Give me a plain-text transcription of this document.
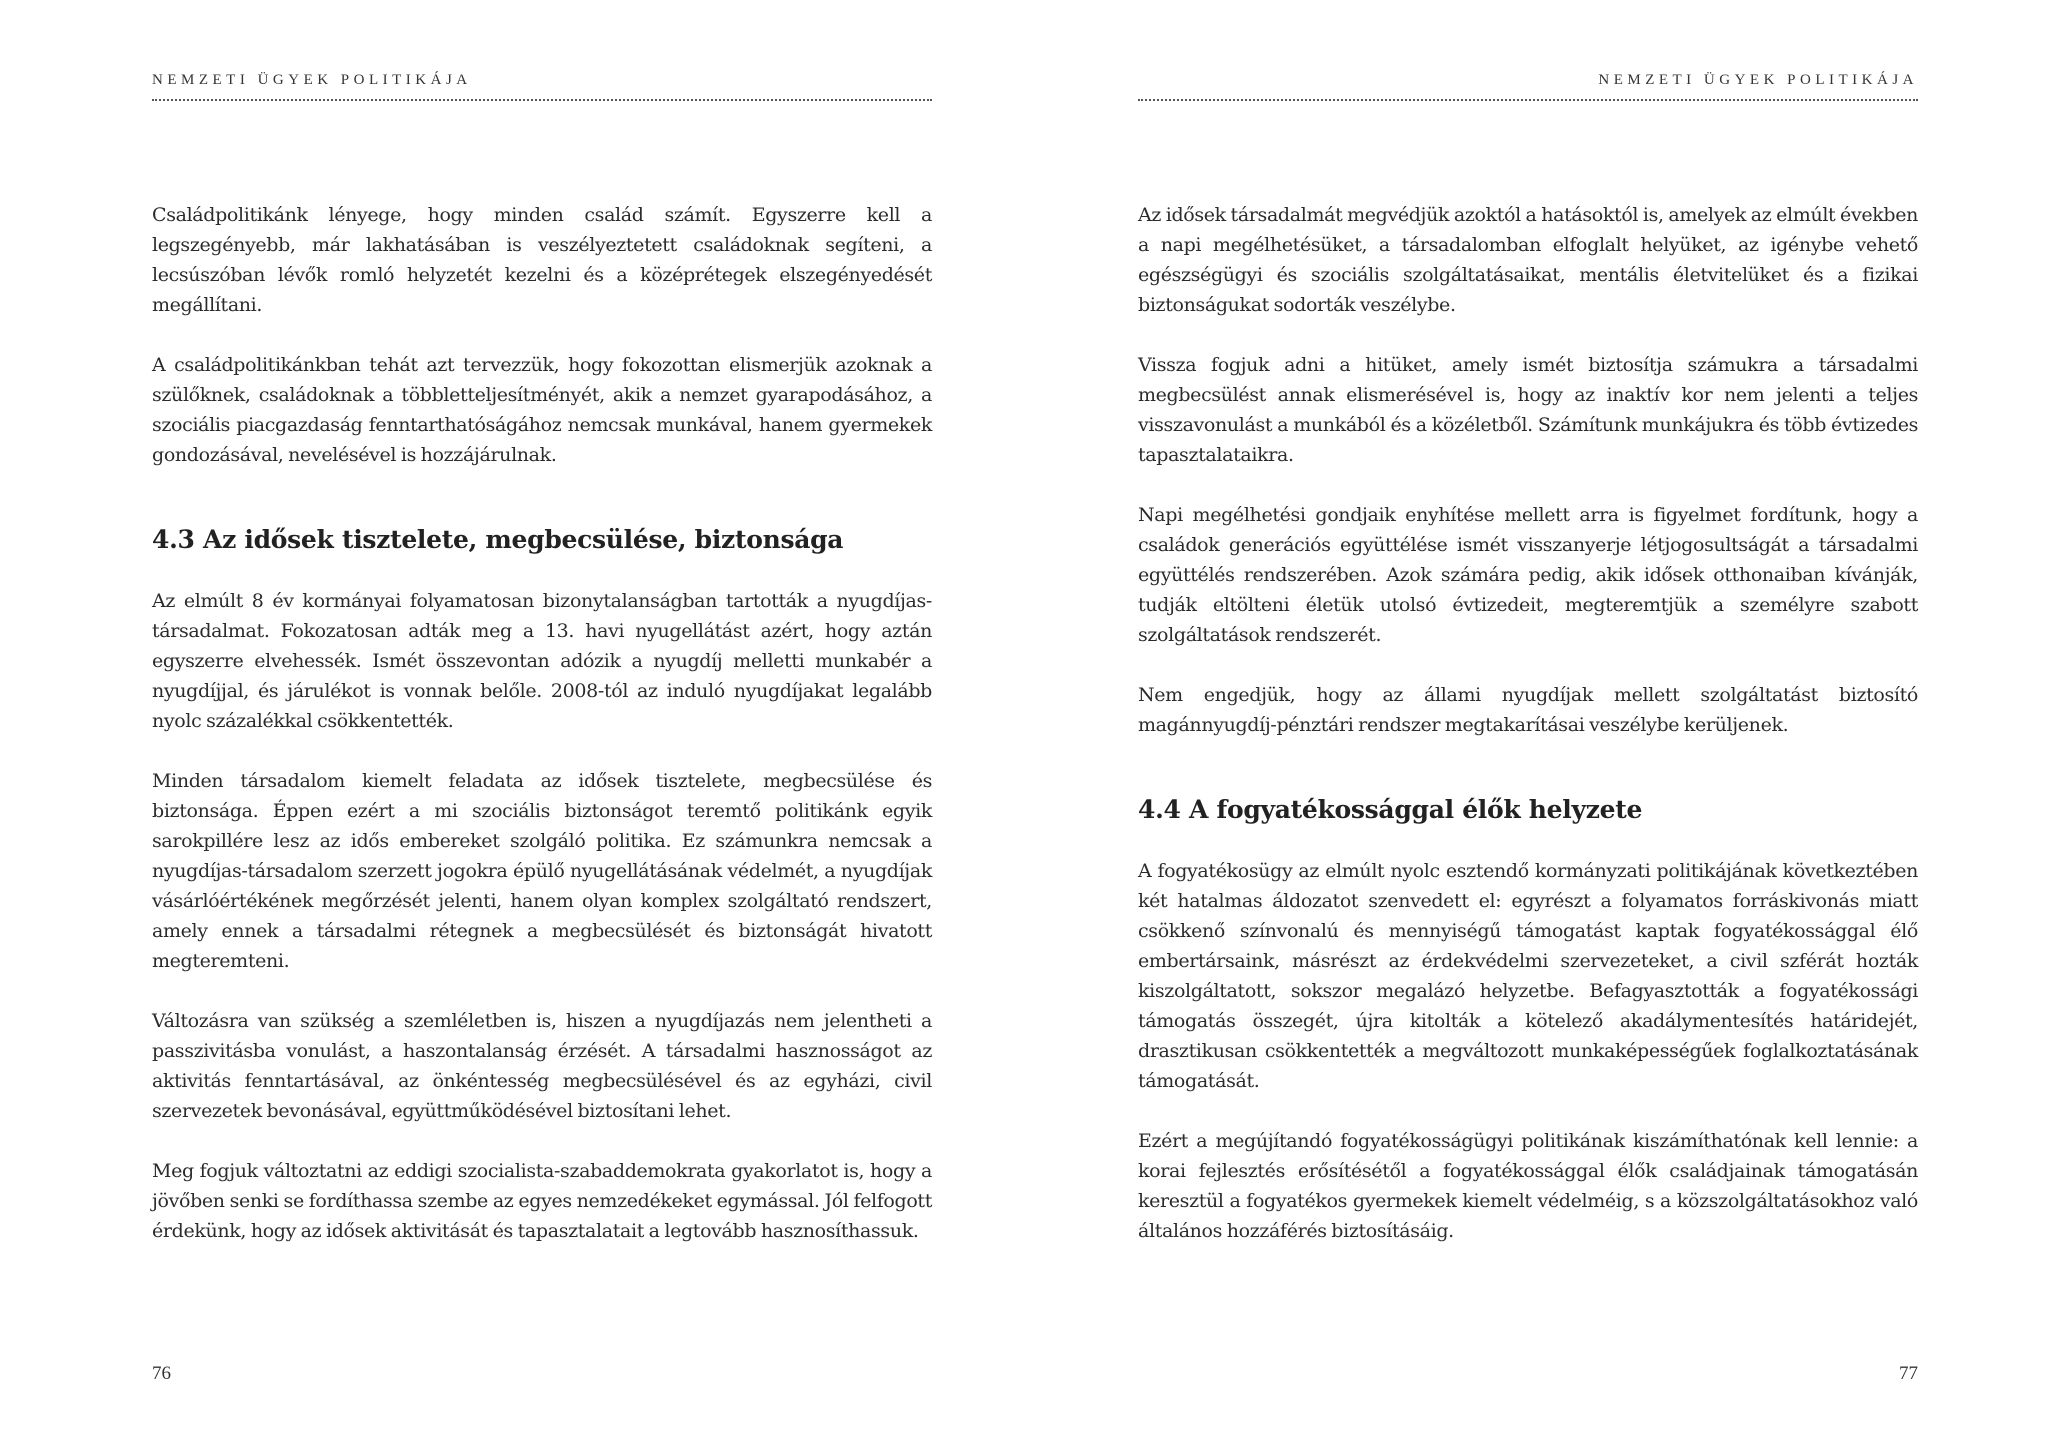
NEMZETI ÜGYEK POLITIKÁJA

Családpolitikánk lényege, hogy minden család számít. Egyszerre kell a legszegényebb, már lakhatásában is veszélyeztetett családoknak segíteni, a lecsúszóban lévők romló helyzetét kezelni és a középrétegek elszegényedését megállítani.

A családpolitikánkban tehát azt tervezzük, hogy fokozottan elismerjük azoknak a szülőknek, családoknak a többletteljesítményét, akik a nemzet gyarapodásához, a szociális piacgazdaság fenntarthatóságához nemcsak munkával, hanem gyermekek gondozásával, nevelésével is hozzájárulnak.

4.3 Az idősek tisztelete, megbecsülése, biztonsága

Az elmúlt 8 év kormányai folyamatosan bizonytalanságban tartották a nyugdíjas-társadalmat. Fokozatosan adták meg a 13. havi nyugellátást azért, hogy aztán egyszerre elvehessék. Ismét összevontan adózik a nyugdíj melletti munkabér a nyugdíjjal, és járulékot is vonnak belőle. 2008-tól az induló nyugdíjakat legalább nyolc százalékkal csökkentették.

Minden társadalom kiemelt feladata az idősek tisztelete, megbecsülése és biztonsága. Éppen ezért a mi szociális biztonságot teremtő politikánk egyik sarokpillére lesz az idős embereket szolgáló politika. Ez számunkra nemcsak a nyugdíjas-társadalom szerzett jogokra épülő nyugellátásának védelmét, a nyugdíjak vásárlóértékének megőrzését jelenti, hanem olyan komplex szolgáltató rendszert, amely ennek a társadalmi rétegnek a megbecsülését és biztonságát hivatott megteremteni.

Változásra van szükség a szemléletben is, hiszen a nyugdíjazás nem jelentheti a passzivitásba vonulást, a haszontalanság érzését. A társadalmi hasznosságot az aktivitás fenntartásával, az önkéntesség megbecsülésével és az egyházi, civil szervezetek bevonásával, együttműködésével biztosítani lehet.

Meg fogjuk változtatni az eddigi szocialista-szabaddemokrata gyakorlatot is, hogy a jövőben senki se fordíthassa szembe az egyes nemzedékeket egymással. Jól felfogott érdekünk, hogy az idősek aktivitását és tapasztalatait a legtovább hasznosíthassuk.

76
NEMZETI ÜGYEK POLITIKÁJA

Az idősek társadalmát megvédjük azoktól a hatásoktól is, amelyek az elmúlt években a napi megélhetésüket, a társadalomban elfoglalt helyüket, az igénybe vehető egészségügyi és szociális szolgáltatásaikat, mentális életvitelüket és a fizikai biztonságukat sodorták veszélybe.

Vissza fogjuk adni a hitüket, amely ismét biztosítja számukra a társadalmi megbecsülést annak elismerésével is, hogy az inaktív kor nem jelenti a teljes visszavonulást a munkából és a közéletből. Számítunk munkájukra és több évtizedes tapasztalataikra.

Napi megélhetési gondjaik enyhítése mellett arra is figyelmet fordítunk, hogy a családok generációs együttélése ismét visszanyerje létjogosultságát a társadalmi együttélés rendszerében. Azok számára pedig, akik idősek otthonaiban kívánják, tudják eltölteni életük utolsó évtizedeit, megteremtjük a személyre szabott szolgáltatások rendszerét.

Nem engedjük, hogy az állami nyugdíjak mellett szolgáltatást biztosító magánnyugdíj-pénztári rendszer megtakarításai veszélybe kerüljenek.

4.4 A fogyatékossággal élők helyzete

A fogyatékosügy az elmúlt nyolc esztendő kormányzati politikájának következtében két hatalmas áldozatot szenvedett el: egyrészt a folyamatos forráskivonás miatt csökkenő színvonalú és mennyiségű támogatást kaptak fogyatékossággal élő embertársaink, másrészt az érdekvédelmi szervezeteket, a civil szférát hozták kiszolgáltatott, sokszor megalázó helyzetbe. Befagyasztották a fogyatékossági támogatás összegét, újra kitolták a kötelező akadálymentesítés határidejét, drasztikusan csökkentették a megváltozott munkaképességűek foglalkoztatásának támogatását.

Ezért a megújítandó fogyatékosságügyi politikának kiszámíthatónak kell lennie: a korai fejlesztés erősítésétől a fogyatékossággal élők családjainak támogatásán keresztül a fogyatékos gyermekek kiemelt védelméig, s a közszolgáltatásokhoz való általános hozzáférés biztosításáig.

77
